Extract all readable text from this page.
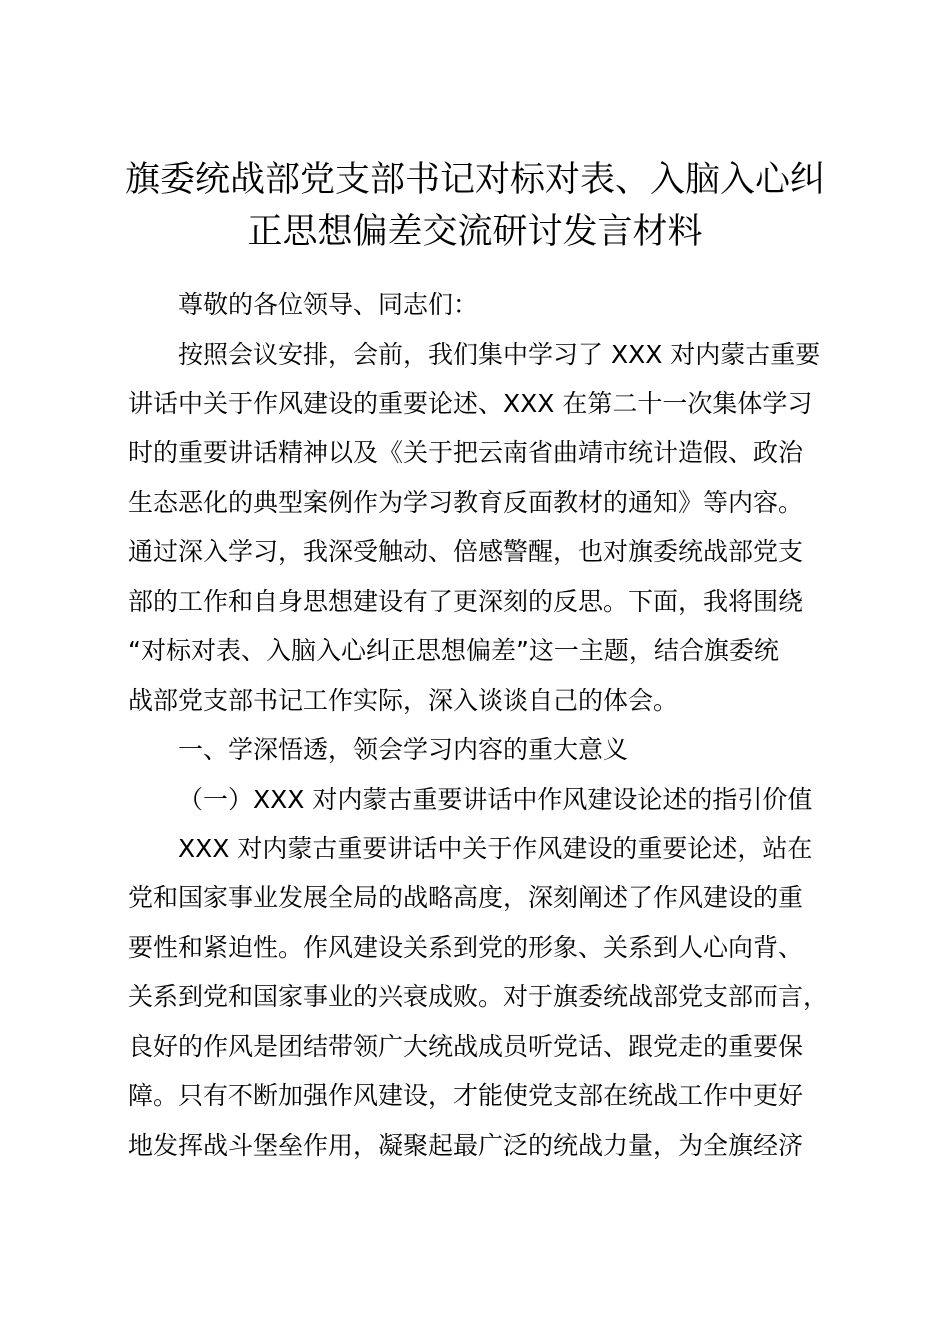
旗委统战部党支部书记对标对表、入脑入心纠
正思想偏差交流研讨发言材料
尊敬的各位领导、同志们：
按照会议安排，会前，我们集中学习了 XXX 对内蒙古重要
讲话中关于作风建设的重要论述、XXX 在第二十一次集体学习
时的重要讲话精神以及《关于把云南省曲靖市统计造假、政治
生态恶化的典型案例作为学习教育反面教材的通知》等内容。
通过深入学习，我深受触动、倍感警醒，也对旗委统战部党支
部的工作和自身思想建设有了更深刻的反思。下面，我将围绕
“对标对表、入脑入心纠正思想偏差”这一主题，结合旗委统
战部党支部书记工作实际，深入谈谈自己的体会。
一、学深悟透，领会学习内容的重大意义
（一）XXX 对内蒙古重要讲话中作风建设论述的指引价值
XXX 对内蒙古重要讲话中关于作风建设的重要论述，站在
党和国家事业发展全局的战略高度，深刻阐述了作风建设的重
要性和紧迫性。作风建设关系到党的形象、关系到人心向背、
关系到党和国家事业的兴衰成败。对于旗委统战部党支部而言，
良好的作风是团结带领广大统战成员听党话、跟党走的重要保
障。只有不断加强作风建设，才能使党支部在统战工作中更好
地发挥战斗堡垒作用，凝聚起最广泛的统战力量，为全旗经济
